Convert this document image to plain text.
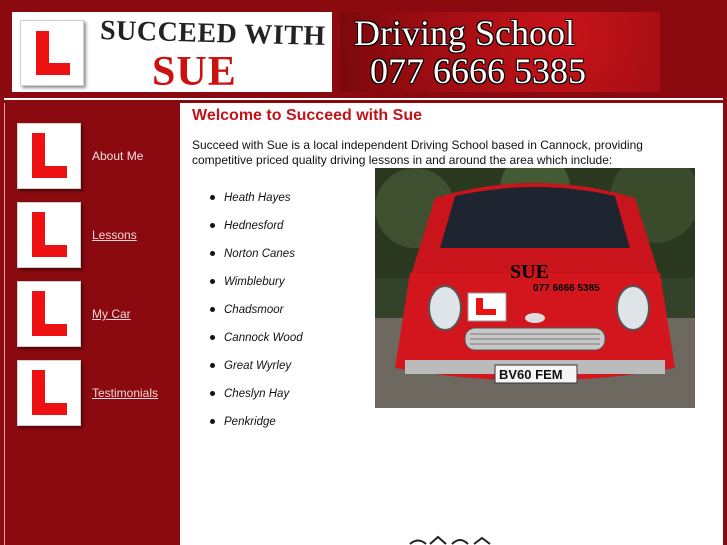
SUCCEED WITH
SUE
Driving School
077 6666 5385
About Me
Lessons
My Car
Testimonials
Welcome to Succeed with Sue
Succeed with Sue is a local independent Driving School based in Cannock, providing competitive priced quality driving lessons in and around the area which include:
Heath Hayes
Hednesford
Norton Canes
Wimblebury
Chadsmoor
Cannock Wood
Great Wyrley
Cheslyn Hay
Penkridge
SUE
077 6666 5385
BV60 FEM
